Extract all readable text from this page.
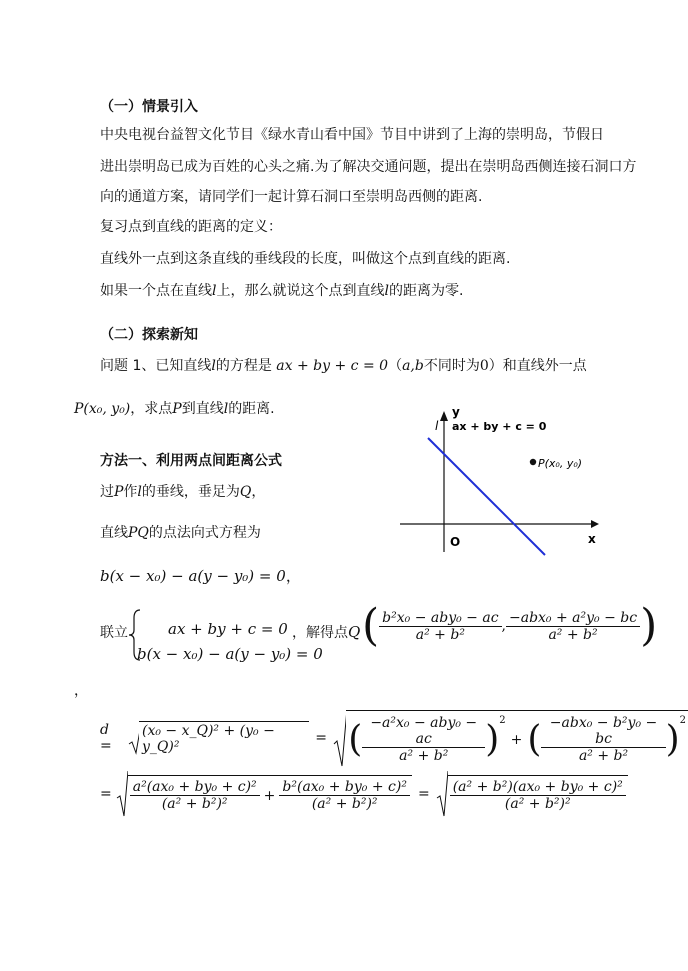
（一）情景引入
中央电视台益智文化节目《绿水青山看中国》节目中讲到了上海的崇明岛，节假日
进出崇明岛已成为百姓的心头之痛.为了解决交通问题，提出在崇明岛西侧连接石洞口方
向的通道方案，请同学们一起计算石洞口至崇明岛西侧的距离.
复习点到直线的距离的定义：
直线外一点到这条直线的垂线段的长度，叫做这个点到直线的距离.
如果一个点在直线l上，那么就说这个点到直线l的距离为零.
（二）探索新知
问题 1、已知直线l的方程是 ax + by + c = 0（a,b不同时为0）和直线外一点
P(x₀, y₀)，求点P到直线l的距离.
方法一、利用两点间距离公式
过P作l的垂线，垂足为Q，
直线PQ的点法向式方程为
b(x − x₀) − a(y − y₀) = 0，
联立	ax + by + c = 0
b(x − x₀) − a(y − y₀) = 0
，解得点Q ( $\frac{\text{b²x₀ − aby₀ − ac}}{\text{a² + b²}}$ , $\frac{\text{−abx₀ + a²y₀ − bc}}{\text{a² + b²}}$ )
，
d =
(x₀ − x_Q)² + (y₀ − y_Q)²
= ( $\frac{\text{−a²x₀ − aby₀ − ac}}{\text{a² + b²}} )^2$
+ ( $\frac{\text{−abx₀ − b²y₀ − bc}}{\text{a² + b²}} )^2$
= $\frac{\text{a²(ax₀ + by₀ + c)²}}{\text{(a² + b²)²}} + \frac{\text{b²(ax₀ + by₀ + c)²}}{\text{(a² + b²)²}} = \frac{\text{(a² + b²)(ax₀ + by₀ + c)²}}{\text{(a² + b²)²}}$
y
x
O
l ax + by + c = 0
P(x₀, y₀)
